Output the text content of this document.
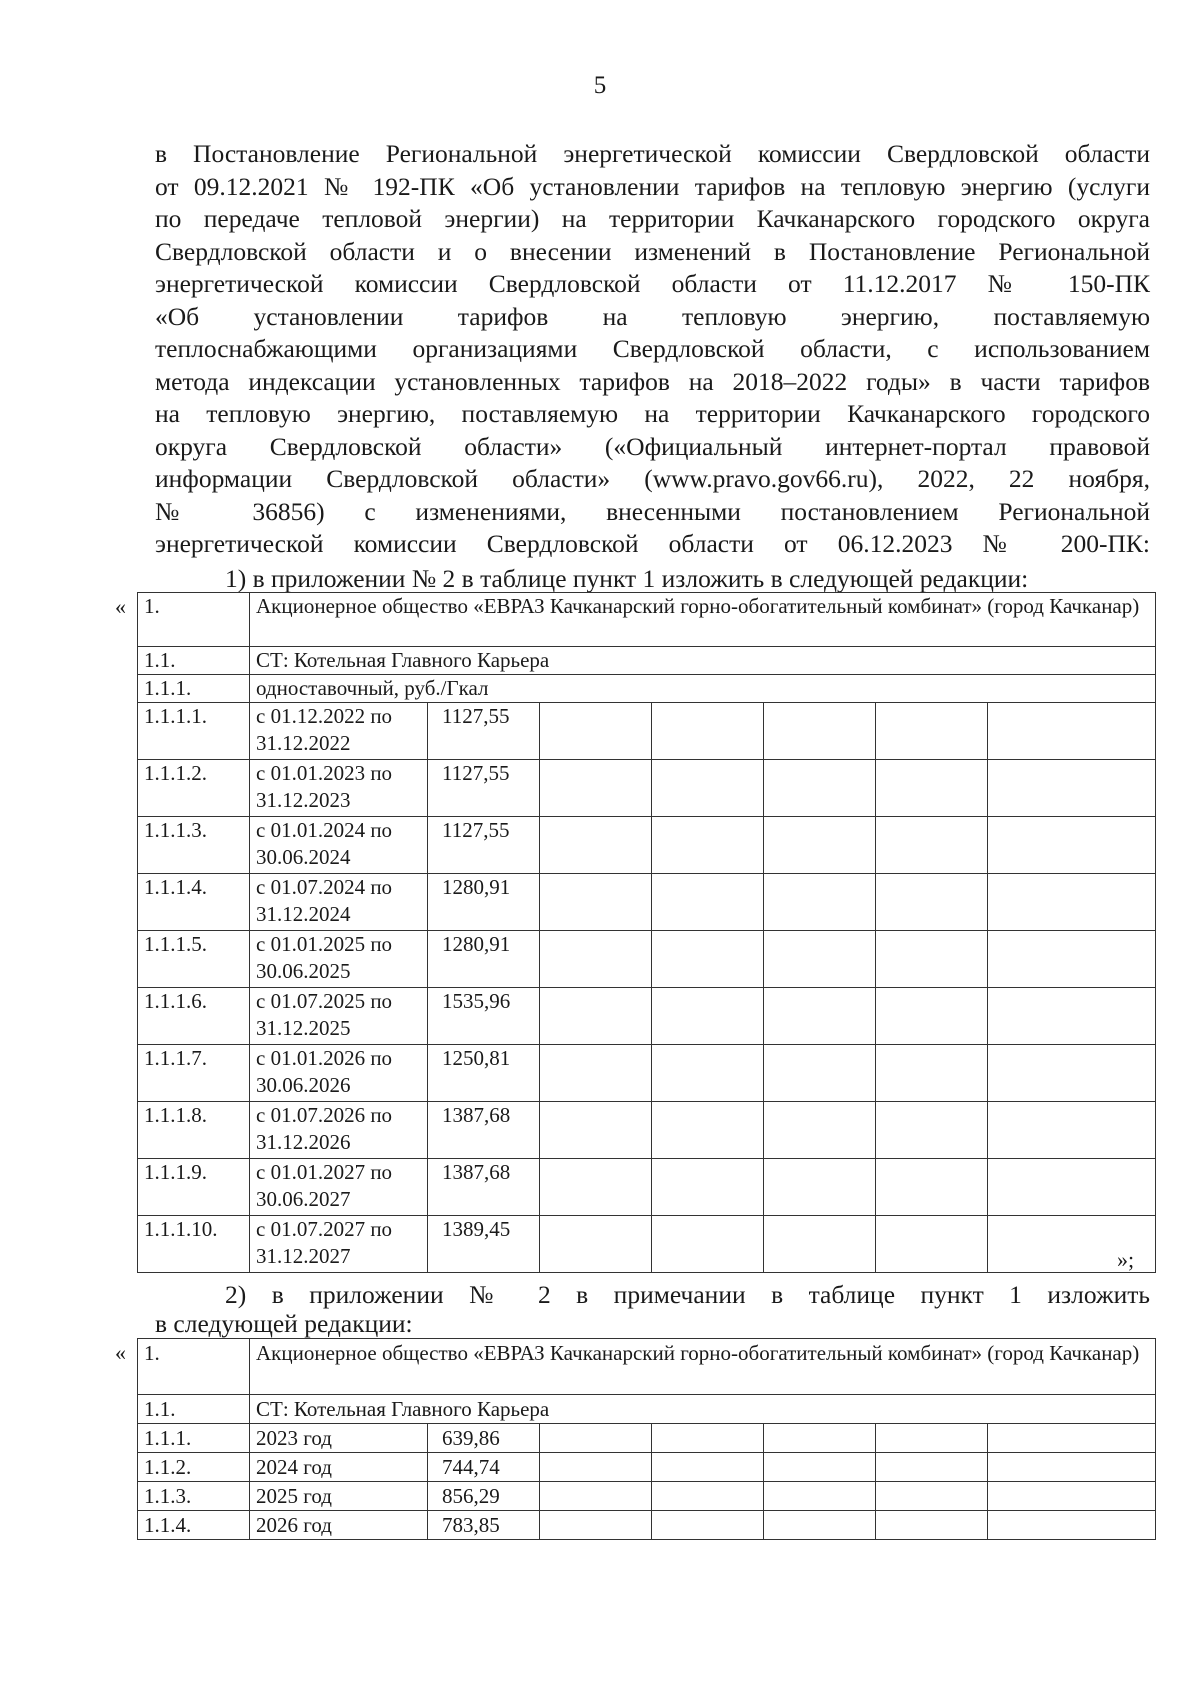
5
в Постановление Региональной энергетической комиссии Свердловской области
от 09.12.2021 № 192-ПК «Об установлении тарифов на тепловую энергию (услуги
по передаче тепловой энергии) на территории Качканарского городского округа
Свердловской области и о внесении изменений в Постановление Региональной
энергетической комиссии Свердловской области от 11.12.2017 № 150-ПК
«Об установлении тарифов на тепловую энергию, поставляемую
теплоснабжающими организациями Свердловской области, с использованием
метода индексации установленных тарифов на 2018–2022 годы» в части тарифов
на тепловую энергию, поставляемую на территории Качканарского городского
округа Свердловской области» («Официальный интернет-портал правовой
информации Свердловской области» (www.pravo.gov66.ru), 2022, 22 ноября,
№ 36856) с изменениями, внесенными постановлением Региональной
энергетической комиссии Свердловской области от 06.12.2023 № 200-ПК:
1) в приложении № 2 в таблице пункт 1 изложить в следующей редакции:
« 1.	Акционерное общество «ЕВРАЗ Качканарский горно-обогатительный комбинат» (город Качканар)						
1.1.	СТ: Котельная Главного Карьера						
1.1.1.	одноставочный, руб./Гкал						
1.1.1.1.	с 01.12.2022 по 31.12.2022	1127,55					
1.1.1.2.	с 01.01.2023 по 31.12.2023	1127,55					
1.1.1.3.	с 01.01.2024 по 30.06.2024	1127,55					
1.1.1.4.	с 01.07.2024 по 31.12.2024	1280,91					
1.1.1.5.	с 01.01.2025 по 30.06.2025	1280,91					
1.1.1.6.	с 01.07.2025 по 31.12.2025	1535,96					
1.1.1.7.	с 01.01.2026 по 30.06.2026	1250,81					
1.1.1.8.	с 01.07.2026 по 31.12.2026	1387,68					
1.1.1.9.	с 01.01.2027 по 30.06.2027	1387,68					
1.1.1.10.	с 01.07.2027 по 31.12.2027	1389,45					
»;
2) в приложении № 2 в примечании в таблице пункт 1 изложить
в следующей редакции:
« 1.	Акционерное общество «ЕВРАЗ Качканарский горно-обогатительный комбинат» (город Качканар)						
1.1.	СТ: Котельная Главного Карьера						
1.1.1.	2023 год	639,86					
1.1.2.	2024 год	744,74					
1.1.3.	2025 год	856,29					
1.1.4.	2026 год	783,85					
